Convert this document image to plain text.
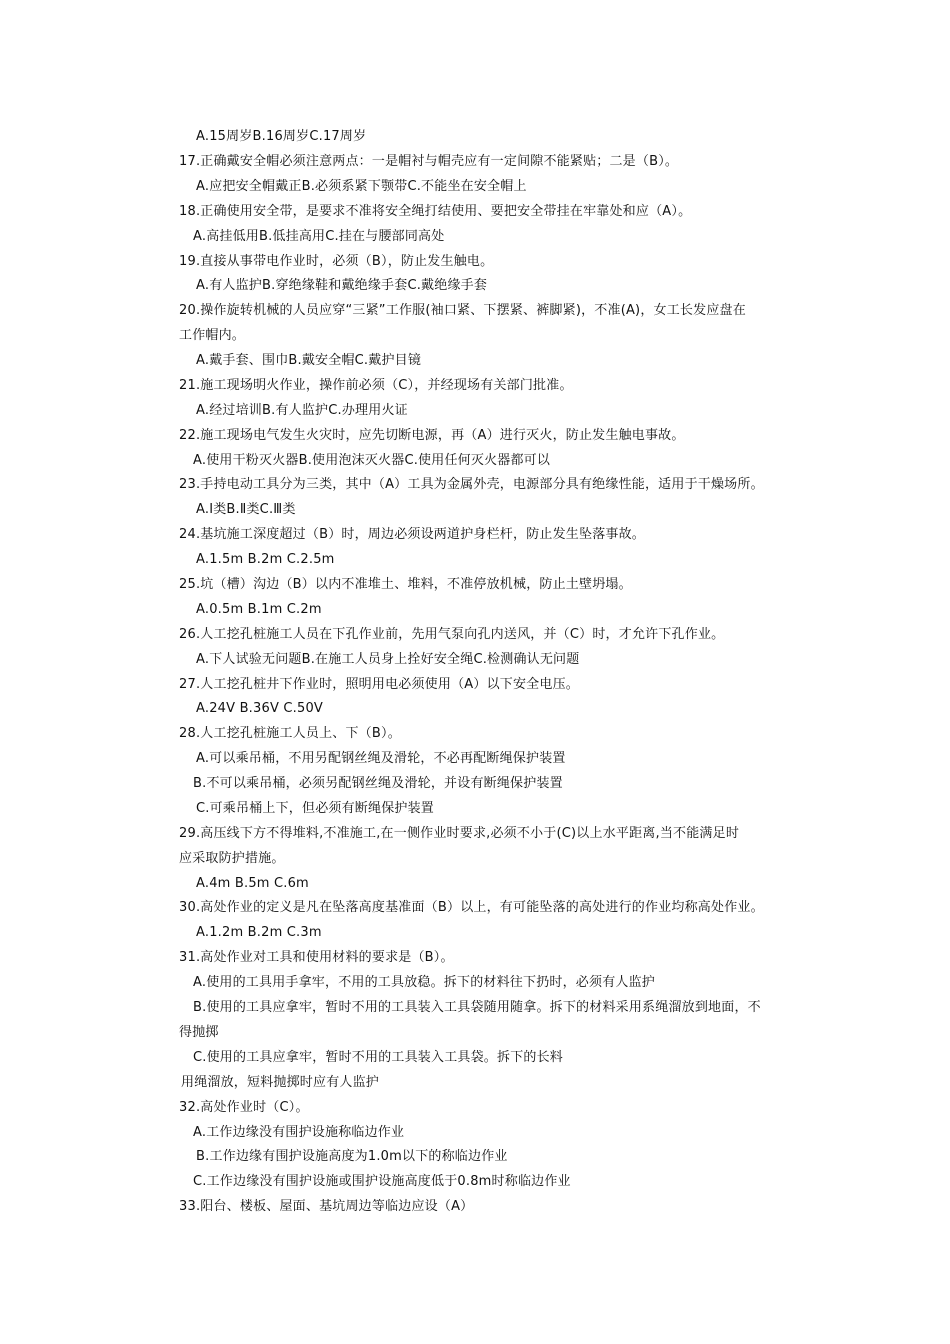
A.15周岁B.16周岁C.17周岁
17.正确戴安全帽必须注意两点：一是帽衬与帽壳应有一定间隙不能紧贴；二是（B）。
A.应把安全帽戴正B.必须系紧下颚带C.不能坐在安全帽上
18.正确使用安全带，是要求不准将安全绳打结使用、要把安全带挂在牢靠处和应（A）。
A.高挂低用B.低挂高用C.挂在与腰部同高处
19.直接从事带电作业时，必须（B），防止发生触电。
A.有人监护B.穿绝缘鞋和戴绝缘手套C.戴绝缘手套
20.操作旋转机械的人员应穿“三紧”工作服(袖口紧、下摆紧、裤脚紧)，不准(A)，女工长发应盘在
工作帽内。
A.戴手套、围巾B.戴安全帽C.戴护目镜
21.施工现场明火作业，操作前必须（C），并经现场有关部门批准。
A.经过培训B.有人监护C.办理用火证
22.施工现场电气发生火灾时，应先切断电源，再（A）进行灭火，防止发生触电事故。
A.使用干粉灭火器B.使用泡沫灭火器C.使用任何灭火器都可以
23.手持电动工具分为三类，其中（A）工具为金属外壳，电源部分具有绝缘性能，适用于干燥场所。
A.Ⅰ类B.Ⅱ类C.Ⅲ类
24.基坑施工深度超过（B）时，周边必须设两道护身栏杆，防止发生坠落事故。
A.1.5m B.2m C.2.5m
25.坑（槽）沟边（B）以内不准堆土、堆料，不准停放机械，防止土壁坍塌。
A.0.5m B.1m C.2m
26.人工挖孔桩施工人员在下孔作业前，先用气泵向孔内送风，并（C）时，才允许下孔作业。
A.下人试验无问题B.在施工人员身上拴好安全绳C.检测确认无问题
27.人工挖孔桩井下作业时，照明用电必须使用（A）以下安全电压。
A.24V B.36V C.50V
28.人工挖孔桩施工人员上、下（B）。
A.可以乘吊桶，不用另配钢丝绳及滑轮，不必再配断绳保护装置
B.不可以乘吊桶，必须另配钢丝绳及滑轮，并设有断绳保护装置
C.可乘吊桶上下，但必须有断绳保护装置
29.高压线下方不得堆料,不准施工,在一侧作业时要求,必须不小于(C)以上水平距离,当不能满足时
应采取防护措施。
A.4m B.5m C.6m
30.高处作业的定义是凡在坠落高度基准面（B）以上，有可能坠落的高处进行的作业均称高处作业。
A.1.2m B.2m C.3m
31.高处作业对工具和使用材料的要求是（B）。
A.使用的工具用手拿牢，不用的工具放稳。拆下的材料往下扔时，必须有人监护
B.使用的工具应拿牢，暂时不用的工具装入工具袋随用随拿。拆下的材料采用系绳溜放到地面，不
得抛掷
C.使用的工具应拿牢，暂时不用的工具装入工具袋。拆下的长料
用绳溜放，短料抛掷时应有人监护
32.高处作业时（C）。
A.工作边缘没有围护设施称临边作业
B.工作边缘有围护设施高度为1.0m以下的称临边作业
C.工作边缘没有围护设施或围护设施高度低于0.8m时称临边作业
33.阳台、楼板、屋面、基坑周边等临边应设（A）
